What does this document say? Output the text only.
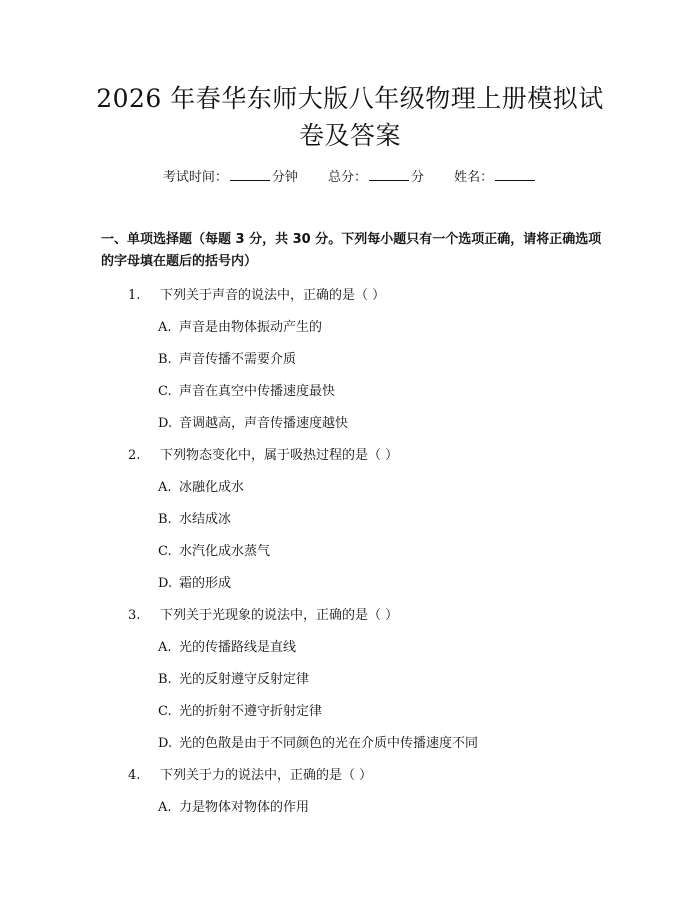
2026 年春华东师大版八年级物理上册模拟试
卷及答案
考试时间：	分钟 总分：	分 姓名：
一、单项选择题（每题 3 分，共 30 分。下列每小题只有一个选项正确，请将正确选项的字母填在题后的括号内）
1. 下列关于声音的说法中，正确的是（ ）
A. 声音是由物体振动产生的
B. 声音传播不需要介质
C. 声音在真空中传播速度最快
D. 音调越高，声音传播速度越快
2. 下列物态变化中，属于吸热过程的是（ ）
A. 冰融化成水
B. 水结成冰
C. 水汽化成水蒸气
D. 霜的形成
3. 下列关于光现象的说法中，正确的是（ ）
A. 光的传播路线是直线
B. 光的反射遵守反射定律
C. 光的折射不遵守折射定律
D. 光的色散是由于不同颜色的光在介质中传播速度不同
4. 下列关于力的说法中，正确的是（ ）
A. 力是物体对物体的作用
